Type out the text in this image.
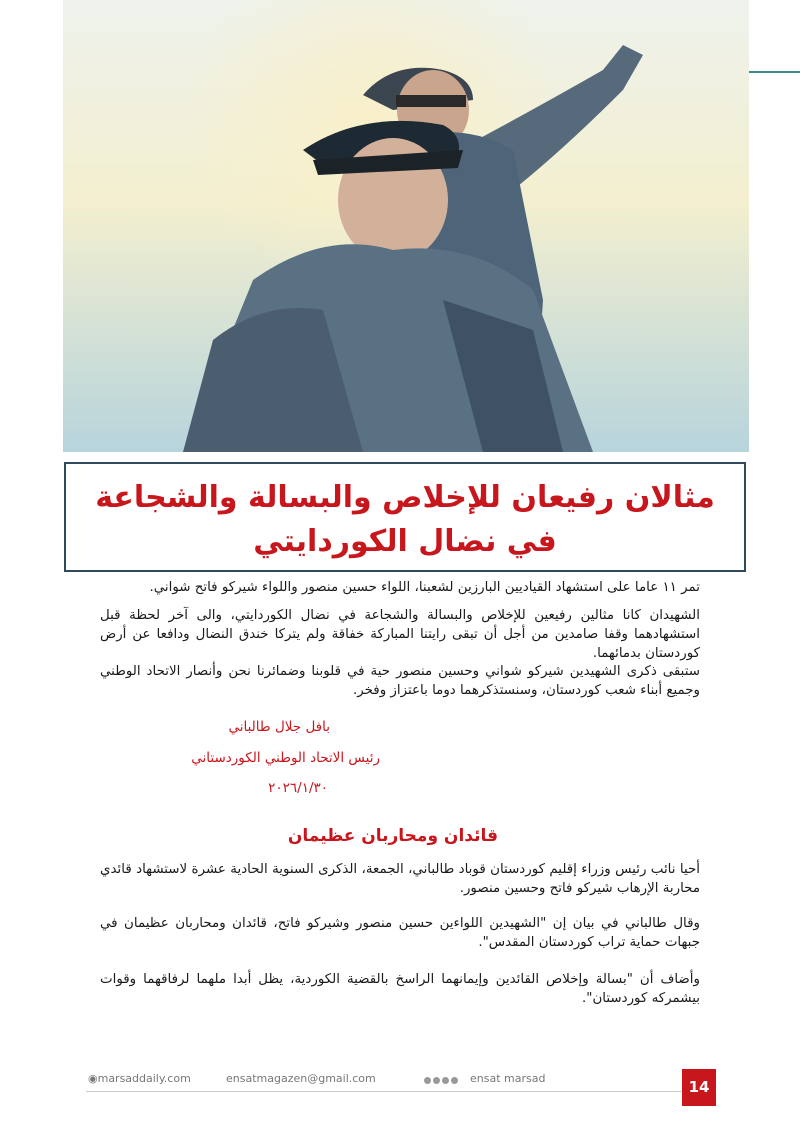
مثالان رفيعان للإخلاص والبسالة والشجاعة
في نضال الكوردايتي
تمر ١١ عاما على استشهاد القياديين البارزين لشعبنا، اللواء حسين منصور واللواء شيركو فاتح شواني.
الشهيدان كانا مثالين رفيعين للإخلاص والبسالة والشجاعة في نضال الكوردايتي، والى آخر لحظة قبل استشهادهما وقفا صامدين من أجل أن تبقى رايتنا المباركة خفاقة ولم يتركا خندق النضال ودافعا عن أرض كوردستان بدمائهما.
ستبقى ذكرى الشهيدين شيركو شواني وحسين منصور حية في قلوبنا وضمائرنا نحن وأنصار الاتحاد الوطني وجميع أبناء شعب كوردستان، وسنستذكرهما دوما باعتزاز وفخر.
بافل جلال طالباني
رئيس الاتحاد الوطني الكوردستاني
٢٠٢٦/١/٣٠
قائدان ومحاربان عظيمان
أحيا نائب رئيس وزراء إقليم كوردستان قوباد طالباني، الجمعة، الذكرى السنوية الحادية عشرة لاستشهاد قائدي محاربة الإرهاب شيركو فاتح وحسين منصور.
وقال طالباني في بيان إن "الشهيدين اللواءين حسين منصور وشيركو فاتح، قائدان ومحاربان عظيمان في جبهات حماية تراب كوردستان المقدس".
وأضاف أن "بسالة وإخلاص القائدين وإيمانهما الراسخ بالقضية الكوردية، يظل أبدا ملهما لرفاقهما وقوات بيشمركه كوردستان".
◉marsaddaily.com	ensatmagazen@gmail.com	ensat marsad	14
